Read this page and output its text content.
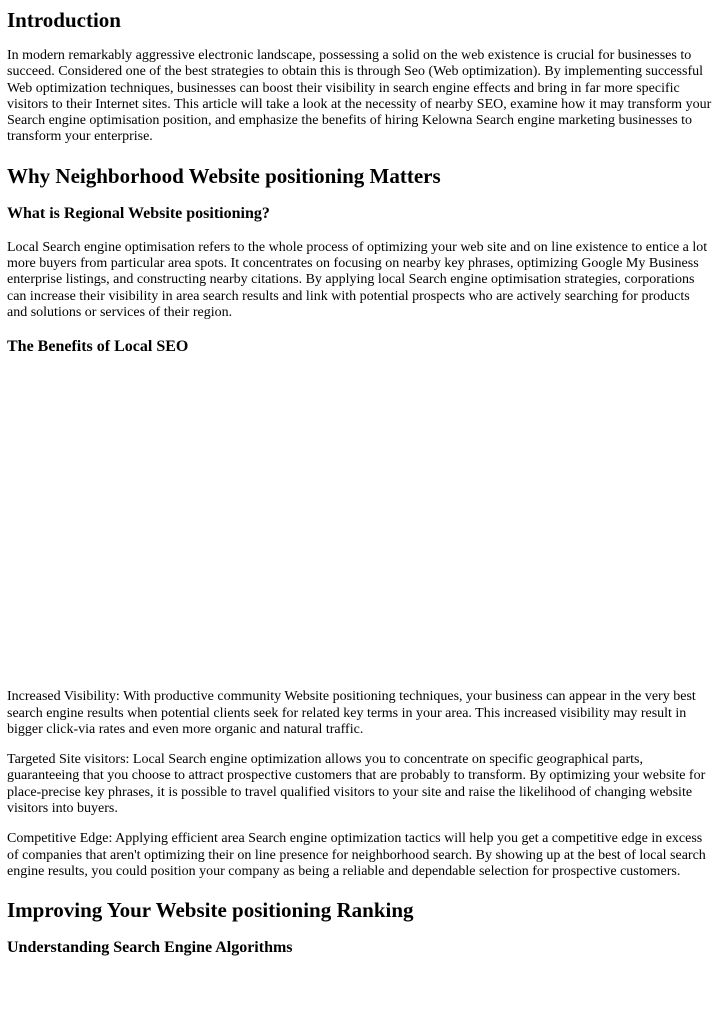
Introduction

In modern remarkably aggressive electronic landscape, possessing a solid on the web existence is crucial for businesses to succeed. Considered one of the best strategies to obtain this is through Seo (Web optimization). By implementing successful Web optimization techniques, businesses can boost their visibility in search engine effects and bring in far more specific visitors to their Internet sites. This article will take a look at the necessity of nearby SEO, examine how it may transform your Search engine optimisation position, and emphasize the benefits of hiring Kelowna Search engine marketing businesses to transform your enterprise.

Why Neighborhood Website positioning Matters
What is Regional Website positioning?

Local Search engine optimisation refers to the whole process of optimizing your web site and on line existence to entice a lot more buyers from particular area spots. It concentrates on focusing on nearby key phrases, optimizing Google My Business enterprise listings, and constructing nearby citations. By applying local Search engine optimisation strategies, corporations can increase their visibility in area search results and link with potential prospects who are actively searching for products and solutions or services of their region.

The Benefits of Local SEO

Increased Visibility: With productive community Website positioning techniques, your business can appear in the very best search engine results when potential clients seek for related key terms in your area. This increased visibility may result in bigger click-via rates and even more organic and natural traffic.

Targeted Site visitors: Local Search engine optimization allows you to concentrate on specific geographical parts, guaranteeing that you choose to attract prospective customers that are probably to transform. By optimizing your website for place-precise key phrases, it is possible to travel qualified visitors to your site and raise the likelihood of changing website visitors into buyers.

Competitive Edge: Applying efficient area Search engine optimization tactics will help you get a competitive edge in excess of companies that aren't optimizing their on line presence for neighborhood search. By showing up at the best of local search engine results, you could position your company as being a reliable and dependable selection for prospective customers.

Improving Your Website positioning Ranking
Understanding Search Engine Algorithms
